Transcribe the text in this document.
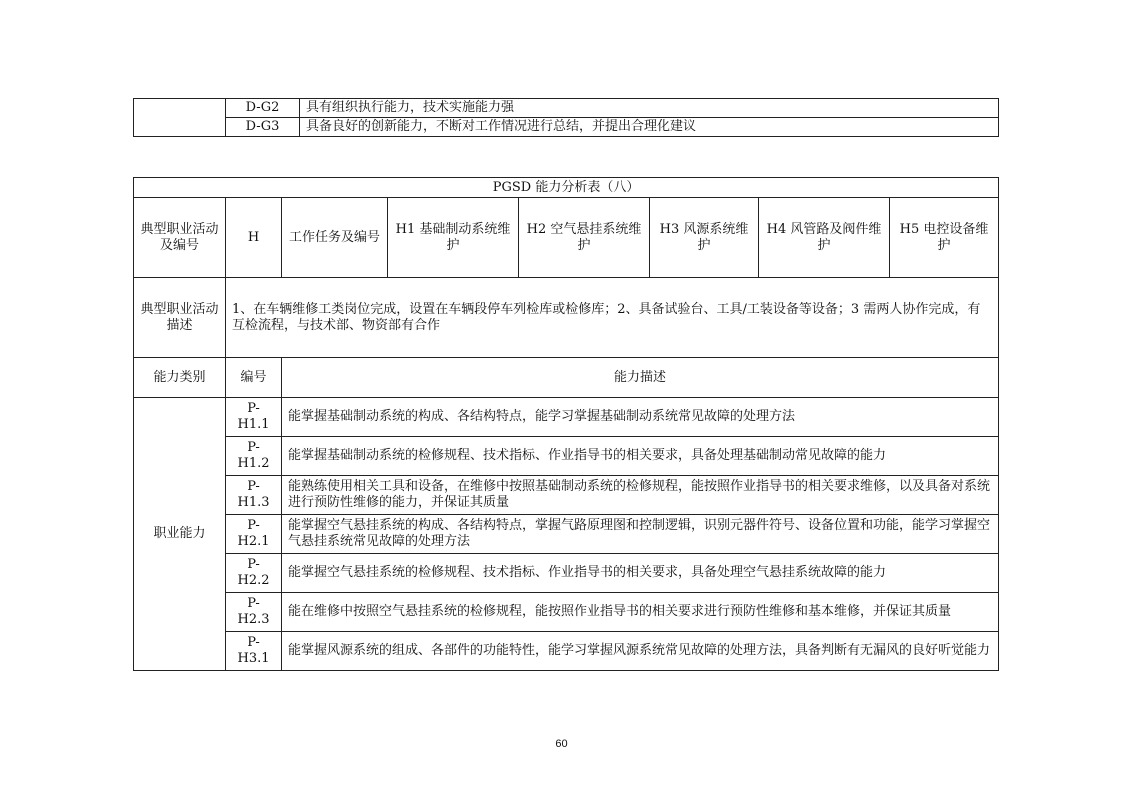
	D-G2	具有组织执行能力，技术实施能力强
	D-G3	具备良好的创新能力，不断对工作情况进行总结，并提出合理化建议
PGSD 能力分析表（八）							
典型职业活动及编号	H	工作任务及编号	H1 基础制动系统维护	H2 空气悬挂系统维护	H3 风源系统维护	H4 风管路及阀件维护	H5 电控设备维护
典型职业活动描述	1、在车辆维修工类岗位完成，设置在车辆段停车列检库或检修库；2、具备试验台、工具/工装设备等设备；3 需两人协作完成，有互检流程，与技术部、物资部有合作						
能力类别	编号	能力描述					
职业能力	P-H1.1	能掌握基础制动系统的构成、各结构特点，能学习掌握基础制动系统常见故障的处理方法					
	P-H1.2	能掌握基础制动系统的检修规程、技术指标、作业指导书的相关要求，具备处理基础制动常见故障的能力					
	P-H1.3	能熟练使用相关工具和设备，在维修中按照基础制动系统的检修规程，能按照作业指导书的相关要求维修，以及具备对系统进行预防性维修的能力，并保证其质量					
	P-H2.1	能掌握空气悬挂系统的构成、各结构特点，掌握气路原理图和控制逻辑，识别元器件符号、设备位置和功能，能学习掌握空气悬挂系统常见故障的处理方法					
	P-H2.2	能掌握空气悬挂系统的检修规程、技术指标、作业指导书的相关要求，具备处理空气悬挂系统故障的能力					
	P-H2.3	能在维修中按照空气悬挂系统的检修规程，能按照作业指导书的相关要求进行预防性维修和基本维修，并保证其质量					
	P-H3.1	能掌握风源系统的组成、各部件的功能特性，能学习掌握风源系统常见故障的处理方法，具备判断有无漏风的良好听觉能力					
60
